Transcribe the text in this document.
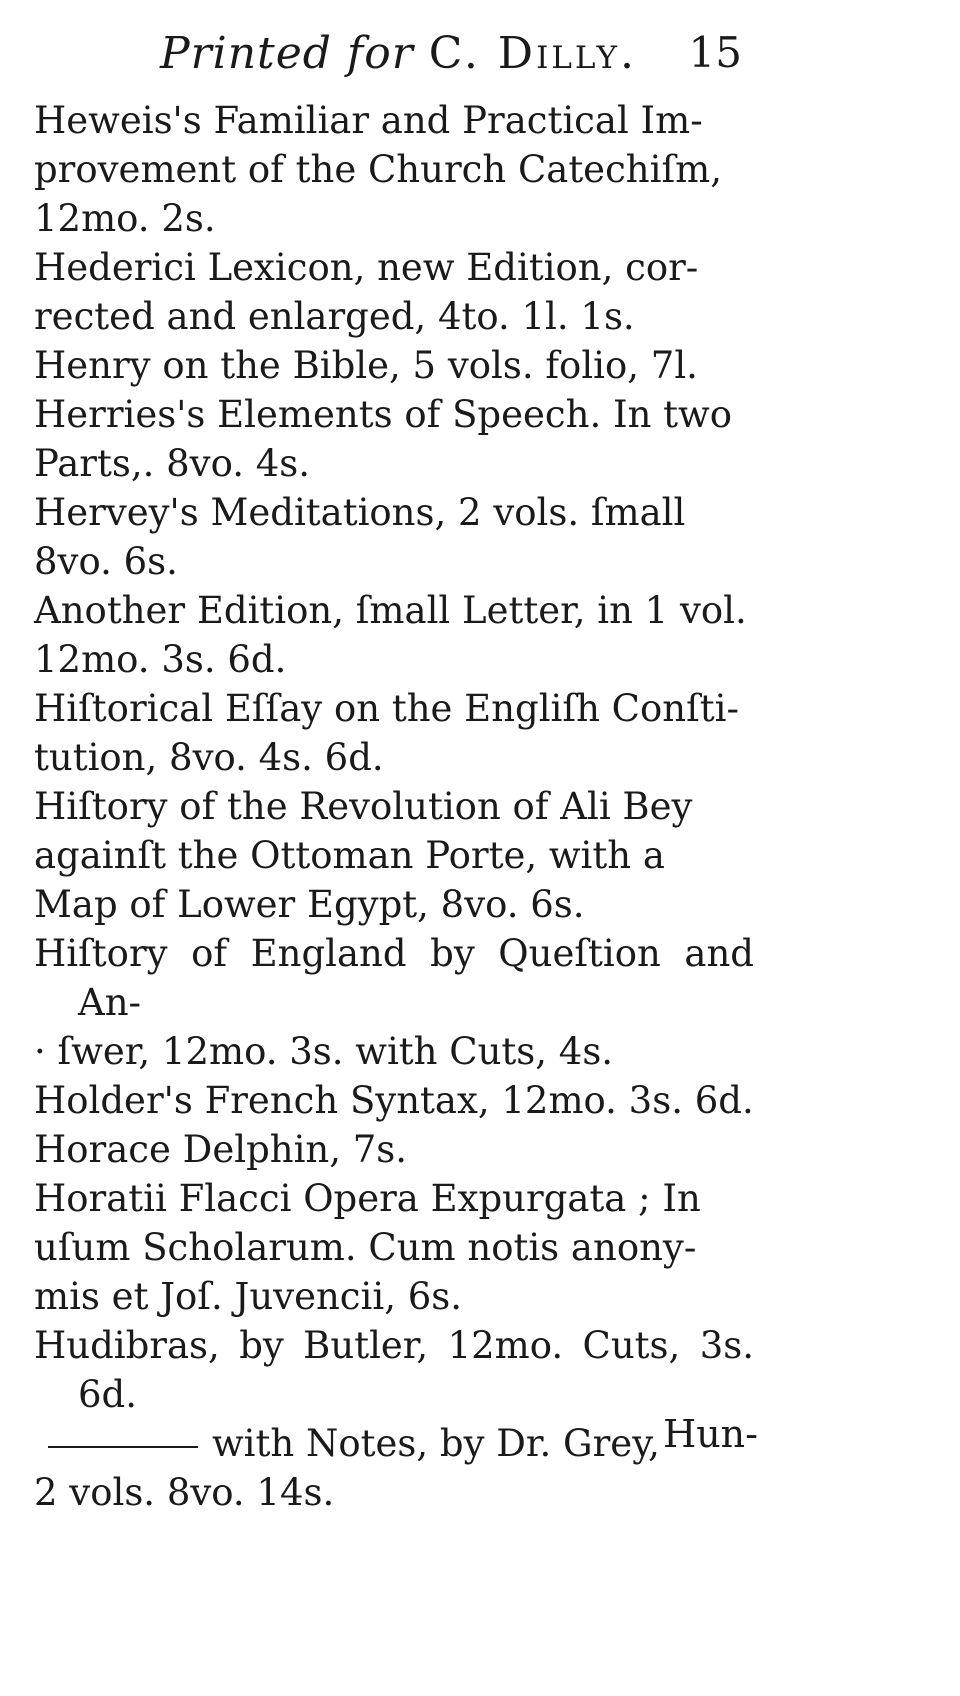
Printed for C. Dilly. 15

Heweis's Familiar and Practical Im-
provement of the Church Catechiſm,
12mo. 2s.

Hederici Lexicon, new Edition, cor-
rected and enlarged, 4to. 1l. 1s.

Henry on the Bible, 5 vols. folio, 7l.

Herries's Elements of Speech. In two
Parts,. 8vo. 4s.

Hervey's Meditations, 2 vols. ſmall
8vo. 6s.

Another Edition, ſmall Letter, in 1 vol.
12mo. 3s. 6d.

Hiſtorical Eſſay on the Engliſh Conſti-
tution, 8vo. 4s. 6d.

Hiſtory of the Revolution of Ali Bey
againſt the Ottoman Porte, with a
Map of Lower Egypt, 8vo. 6s.

Hiſtory of England by Queſtion and An-
· ſwer, 12mo. 3s. with Cuts, 4s.

Holder's French Syntax, 12mo. 3s. 6d.

Horace Delphin, 7s.

Horatii Flacci Opera Expurgata ; In
uſum Scholarum. Cum notis anony-
mis et Joſ. Juvencii, 6s.

Hudibras, by Butler, 12mo. Cuts, 3s. 6d.

with Notes, by Dr. Grey,
2 vols. 8vo. 14s.

Hun-
